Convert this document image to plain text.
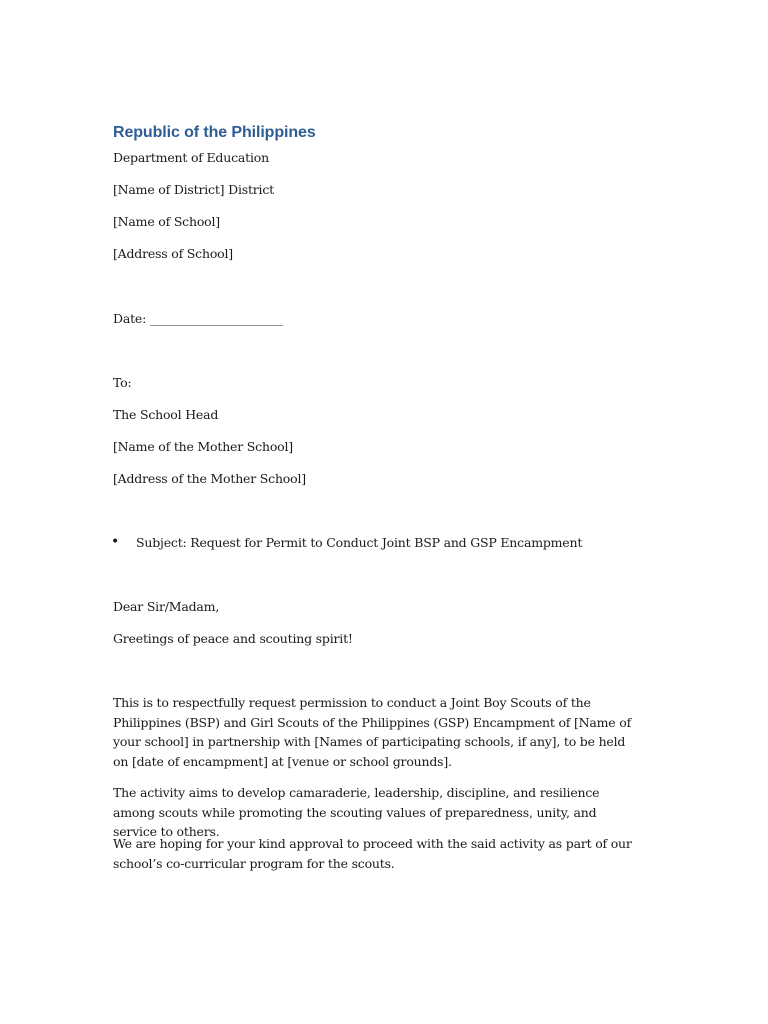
Republic of the Philippines
Department of Education
[Name of District] District
[Name of School]
[Address of School]
Date: ______________________
To:
The School Head
[Name of the Mother School]
[Address of the Mother School]
• Subject: Request for Permit to Conduct Joint BSP and GSP Encampment
Dear Sir/Madam,
Greetings of peace and scouting spirit!
This is to respectfully request permission to conduct a Joint Boy Scouts of the Philippines (BSP) and Girl Scouts of the Philippines (GSP) Encampment of [Name of your school] in partnership with [Names of participating schools, if any], to be held on [date of encampment] at [venue or school grounds].
The activity aims to develop camaraderie, leadership, discipline, and resilience among scouts while promoting the scouting values of preparedness, unity, and service to others.
We are hoping for your kind approval to proceed with the said activity as part of our school’s co-curricular program for the scouts.
